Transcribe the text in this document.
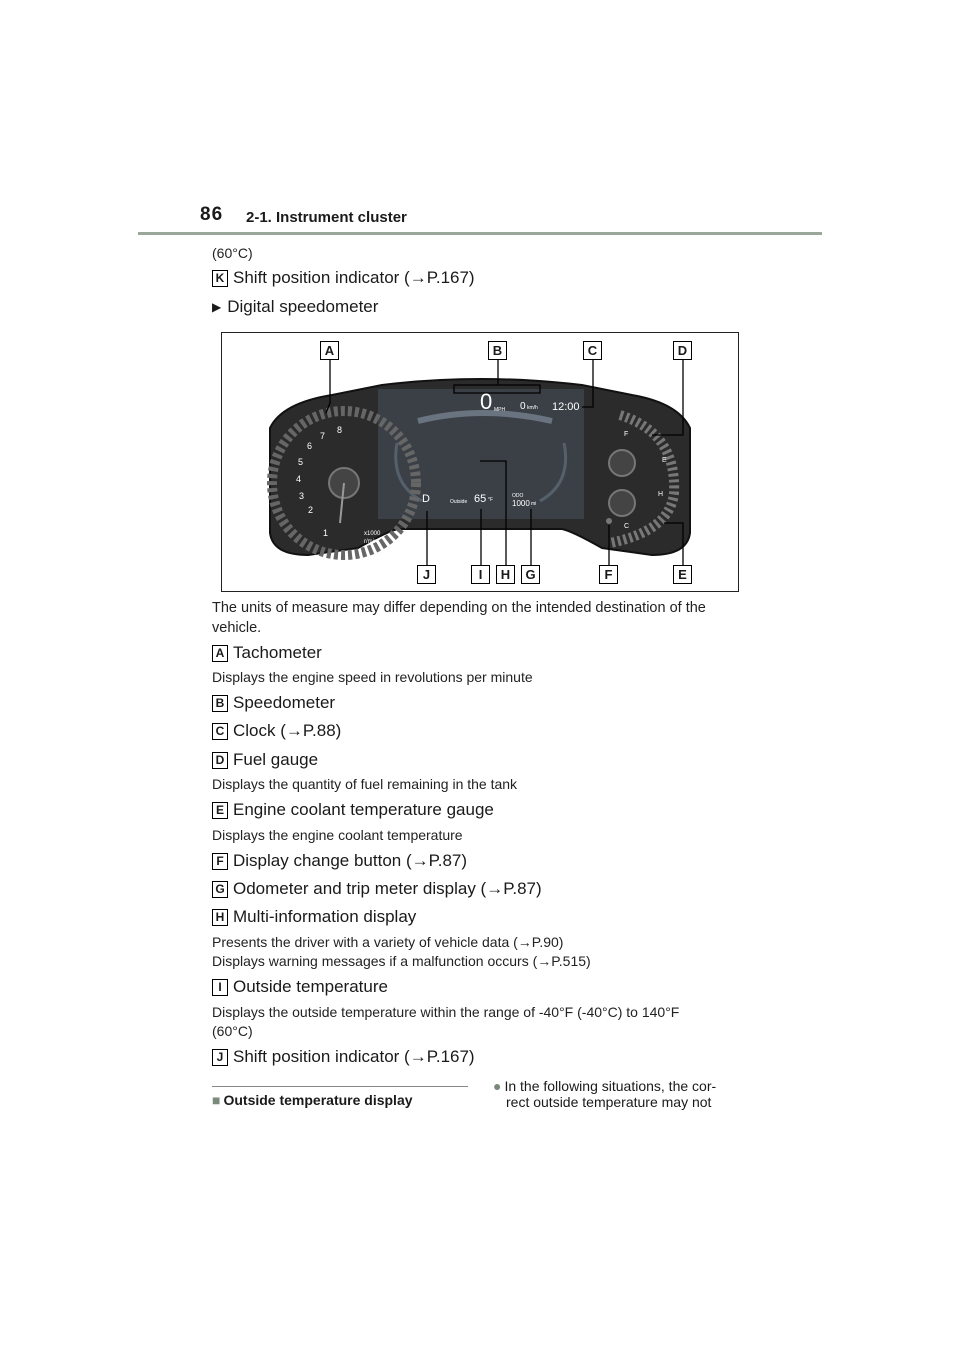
86 2-1. Instrument cluster
(60°C)
K Shift position indicator (→P.167)
▶ Digital speedometer
1
2
3
4
5
6
7
8
x1000
r/min
0 MPH 0 km/h 12:00
D	Outside 65 °F
ODO
1000 mi
F
E
H
C
A	B	C	D
J	I	H	G	F	E
The units of measure may differ depending on the intended destination of the vehicle.
A Tachometer
Displays the engine speed in revolutions per minute
B Speedometer
C Clock (→P.88)
D Fuel gauge
Displays the quantity of fuel remaining in the tank
E Engine coolant temperature gauge
Displays the engine coolant temperature
F Display change button (→P.87)
G Odometer and trip meter display (→P.87)
H Multi-information display
Presents the driver with a variety of vehicle data (→P.90)
Displays warning messages if a malfunction occurs (→P.515)
I Outside temperature
Displays the outside temperature within the range of -40°F (-40°C) to 140°F
(60°C)
J Shift position indicator (→P.167)
■ Outside temperature display
● In the following situations, the cor-
rect outside temperature may not
